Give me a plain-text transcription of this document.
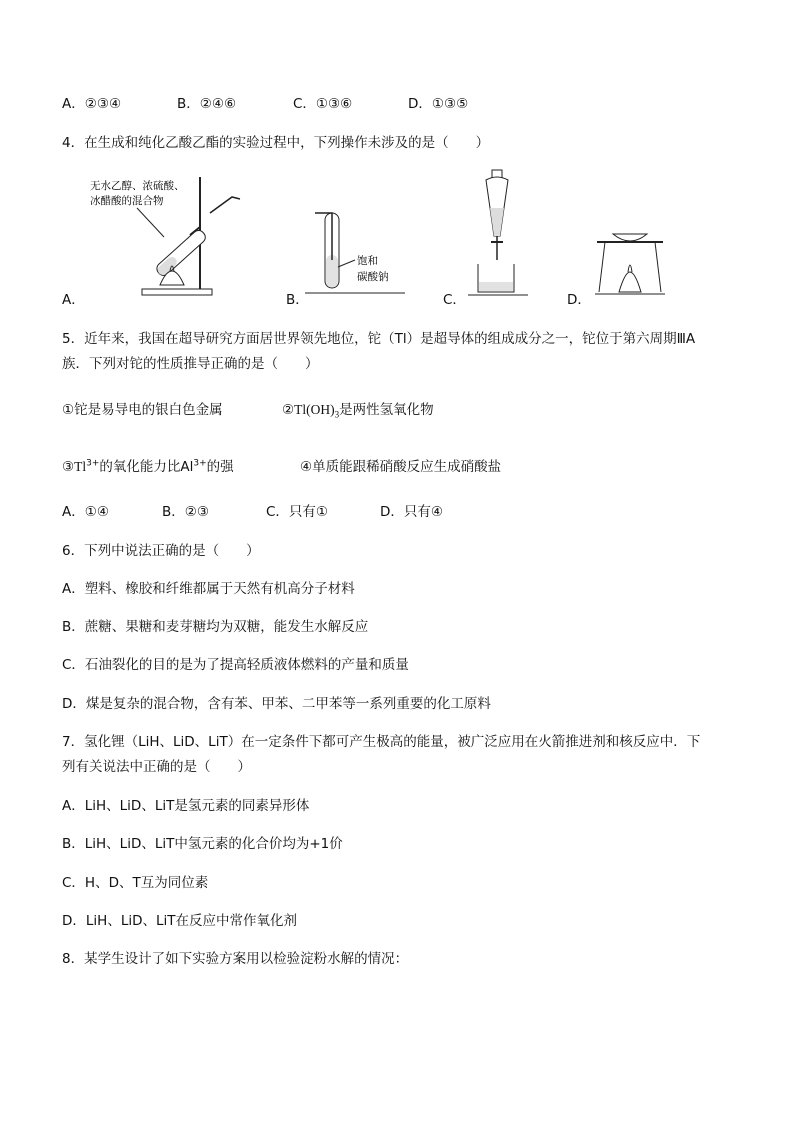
A．②③④	B．②④⑥	C．①③⑥	D．①③⑤
4．在生成和纯化乙酸乙酯的实验过程中，下列操作未涉及的是（　　）
A．	B．	C．	D．
无水乙醇、浓硫酸、
冰醋酸的混合物
饱和
碳酸钠
5．近年来，我国在超导研究方面居世界领先地位，铊（Tl）是超导体的组成成分之一，铊位于第六周期ⅢA
族．下列对铊的性质推导正确的是（　　）
①铊是易导电的银白色金属	$②Tl(OH)_3$是两性氢氧化物
$③Tl^{3+}$的氧化能力比$Al^{3+}$的强	④单质能跟稀硝酸反应生成硝酸盐
A．①④	B．②③	C．只有①	D．只有④
6．下列中说法正确的是（　　）
A．塑料、橡胶和纤维都属于天然有机高分子材料
B．蔗糖、果糖和麦芽糖均为双糖，能发生水解反应
C．石油裂化的目的是为了提高轻质液体燃料的产量和质量
D．煤是复杂的混合物，含有苯、甲苯、二甲苯等一系列重要的化工原料
7．氢化锂（LiH、LiD、LiT）在一定条件下都可产生极高的能量，被广泛应用在火箭推进剂和核反应中．下
列有关说法中正确的是（　　）
A．LiH、LiD、LiT是氢元素的同素异形体
B．LiH、LiD、LiT中氢元素的化合价均为+1价
C．H、D、T互为同位素
D．LiH、LiD、LiT在反应中常作氧化剂
8．某学生设计了如下实验方案用以检验淀粉水解的情况：
